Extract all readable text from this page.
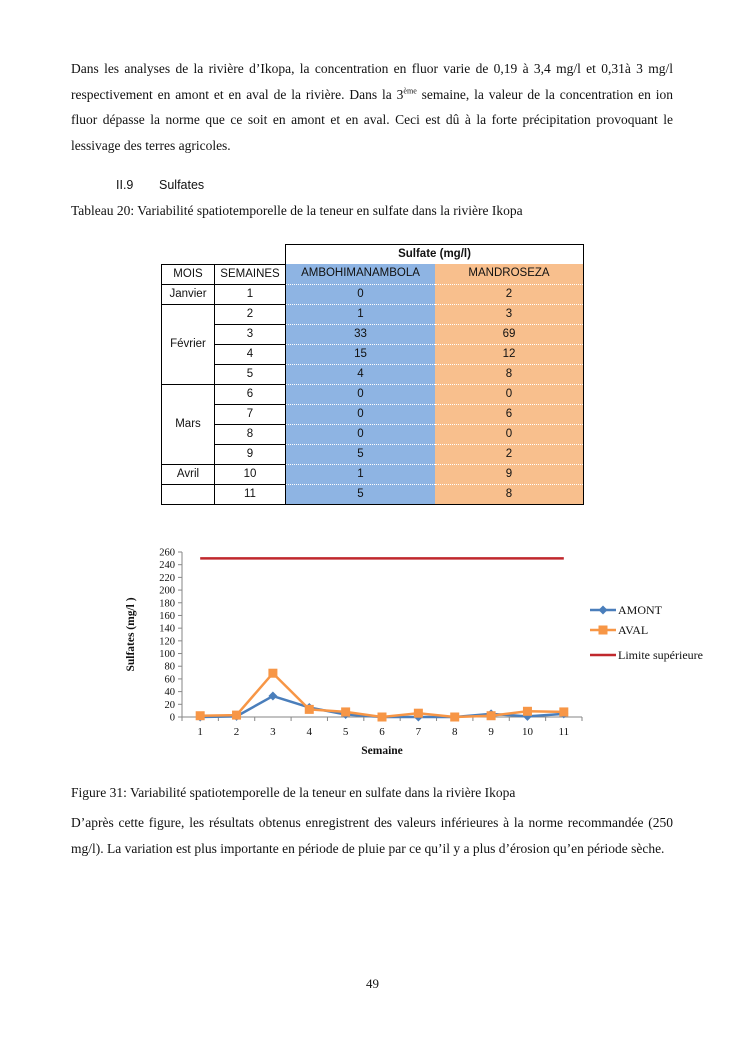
Dans les analyses de la rivière d’Ikopa, la concentration en fluor varie de 0,19 à 3,4 mg/l et 0,31à 3 mg/l respectivement en amont et en aval de la rivière. Dans la 3ème semaine, la valeur de la concentration en ion fluor dépasse la norme que ce soit en amont et en aval. Ceci est dû à la forte précipitation provoquant le lessivage des terres agricoles.

II.9 Sulfates
Tableau 20: Variabilité spatiotemporelle de la teneur en sulfate dans la rivière Ikopa
		Sulfate (mg/l)	
MOIS	SEMAINES	AMBOHIMANAMBOLA	MANDROSEZA
Janvier	1	0	2
Février	2	1	3
	3	33	69
	4	15	12
	5	4	8
Mars	6	0	0
	7	0	6
	8	0	0
	9	5	2
Avril	10	1	9
	11	5	8
0
20
40
60
80
100
120
140
160
180
200
220
240
260
1	2	3	4	5	6	7	8	9	10 11
Semaine
Sulfates (mg/l )	AMONT
AVAL
Limite supérieure
Figure 31: Variabilité spatiotemporelle de la teneur en sulfate dans la rivière Ikopa

D’après cette figure, les résultats obtenus enregistrent des valeurs inférieures à la norme recommandée (250 mg/l). La variation est plus importante en période de pluie par ce qu’il y a plus d’érosion qu’en période sèche.

49
